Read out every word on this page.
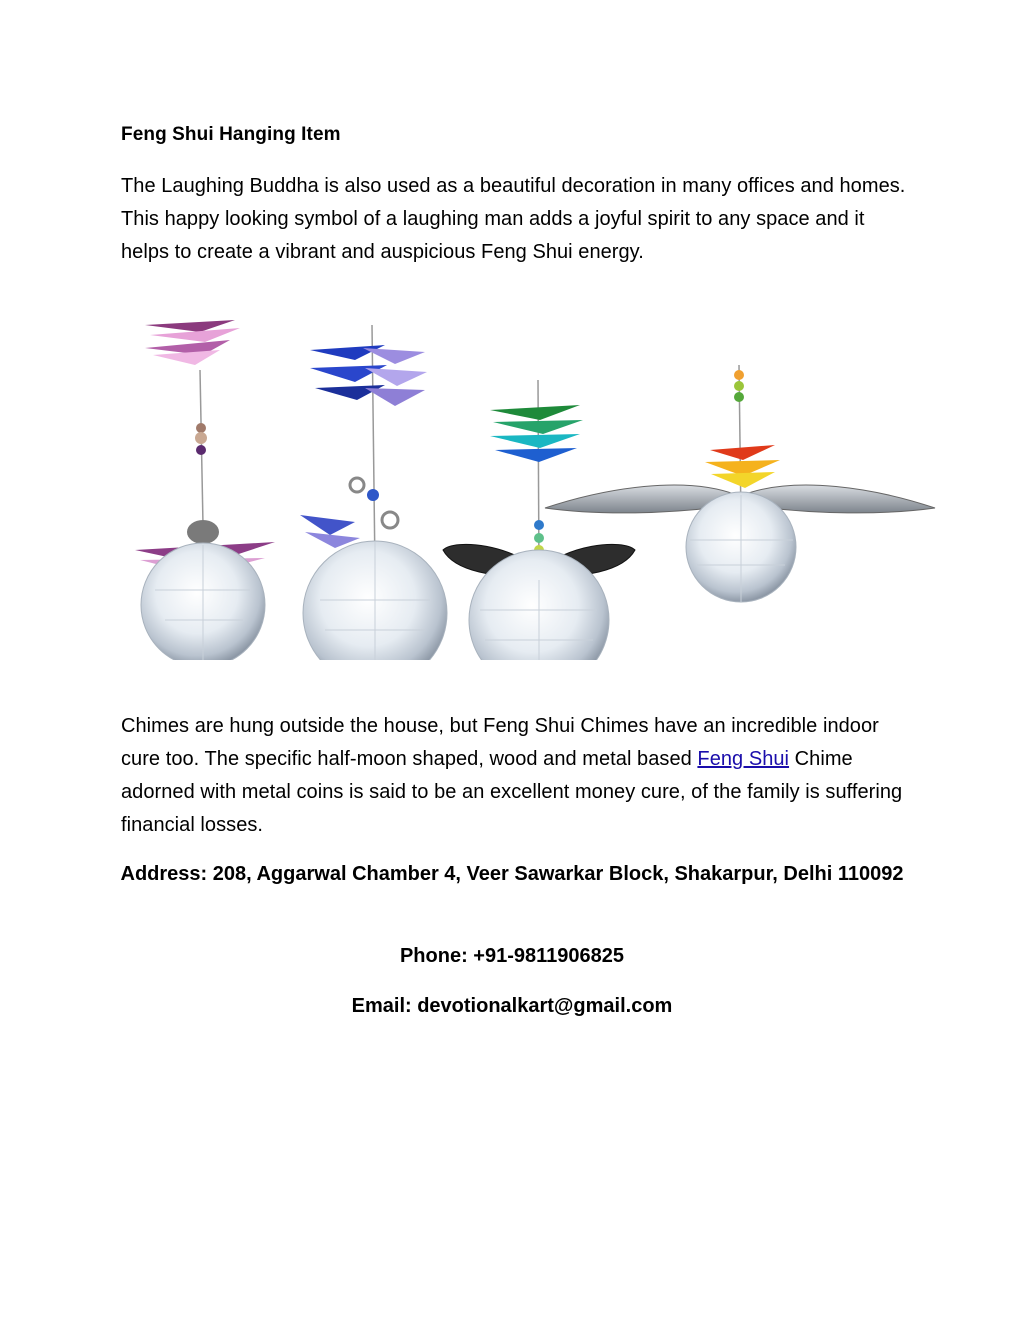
Feng Shui Hanging Item
The Laughing Buddha is also used as a beautiful decoration in many offices and homes. This happy looking symbol of a laughing man adds a joyful spirit to any space and it helps to create a vibrant and auspicious Feng Shui energy.
Chimes are hung outside the house, but Feng Shui Chimes have an incredible indoor cure too. The specific half-moon shaped, wood and metal based Feng Shui Chime adorned with metal coins is said to be an excellent money cure, of the family is suffering financial losses.
Address: 208, Aggarwal Chamber 4, Veer Sawarkar Block, Shakarpur, Delhi 110092
Phone: +91-9811906825
Email: devotionalkart@gmail.com
